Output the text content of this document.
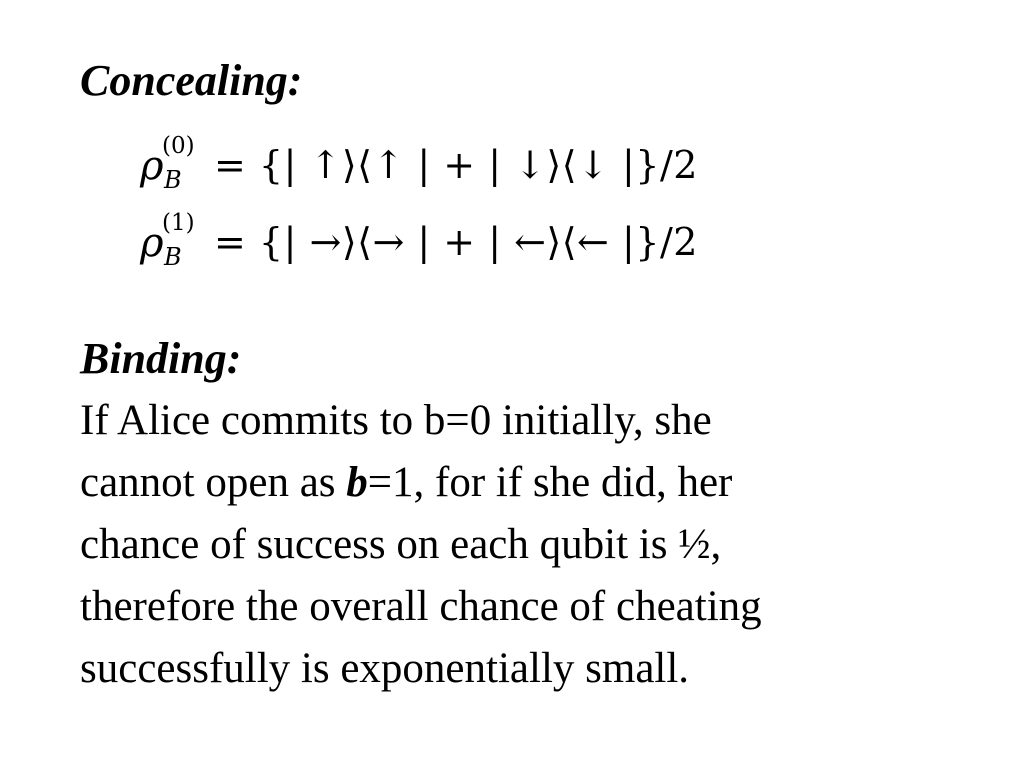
Concealing:
ρ
(0)
B = {| ↑⟩⟨↑ | + | ↓⟩⟨↓ |}/2
ρ
(1)
B = {| →⟩⟨→ | + | ←⟩⟨← |}/2
Binding:
If Alice commits to b=0 initially, she
cannot open as b=1, for if she did, her
chance of success on each qubit is ½,
therefore the overall chance of cheating
successfully is exponentially small.
